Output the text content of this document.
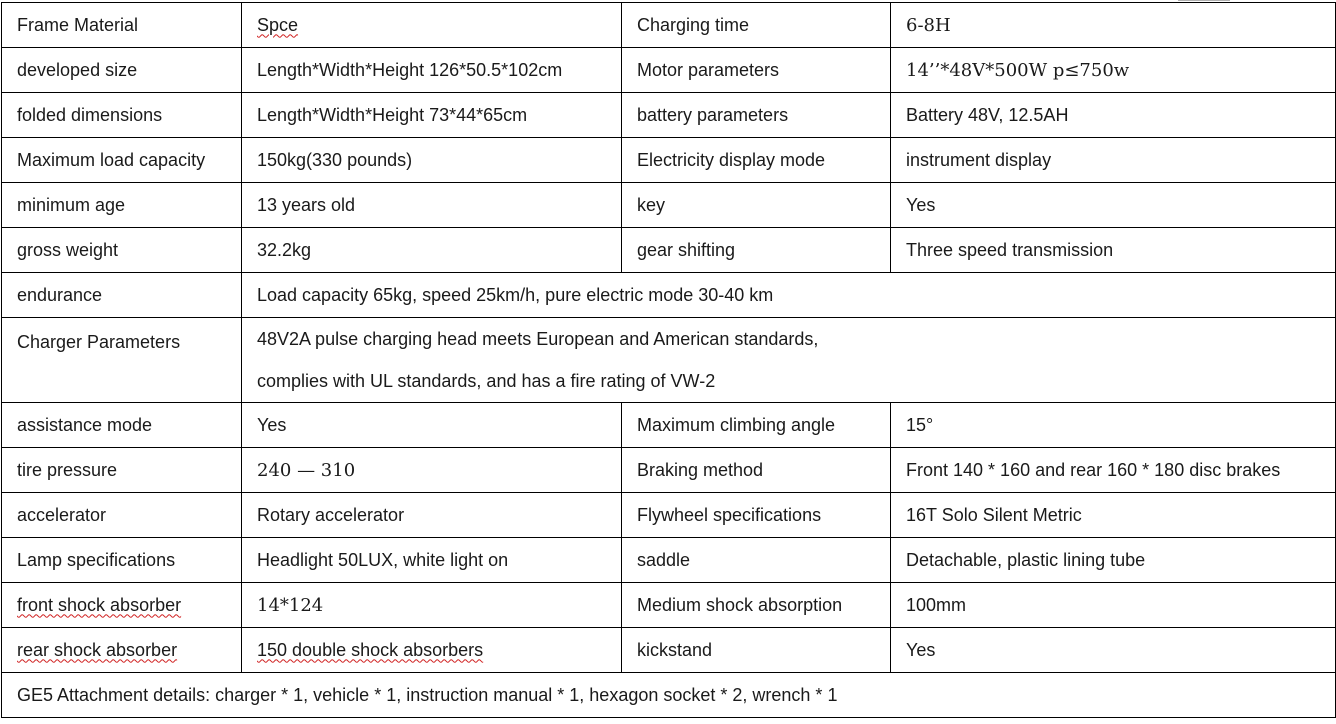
Frame Material	Spce	Charging time	6-8H
developed size	Length*Width*Height 126*50.5*102cm	Motor parameters	14’’*48V*500W p≤750w
folded dimensions	Length*Width*Height 73*44*65cm	battery parameters	Battery 48V, 12.5AH
Maximum load capacity	150kg(330 pounds)	Electricity display mode	instrument display
minimum age	13 years old	key	Yes
gross weight	32.2kg	gear shifting	Three speed transmission
endurance	Load capacity 65kg, speed 25km/h, pure electric mode 30-40 km		

Charger Parameters	48V2A pulse charging head meets European and American standards,
complies with UL standards, and has a fire rating of VW-2		

assistance mode	Yes	Maximum climbing angle	15°
tire pressure	240 — 310	Braking method	Front 140 * 160 and rear 160 * 180 disc brakes
accelerator	Rotary accelerator	Flywheel specifications	16T Solo Silent Metric
Lamp specifications	Headlight 50LUX, white light on	saddle	Detachable, plastic lining tube
front shock absorber	14*124	Medium shock absorption	100mm
rear shock absorber	150 double shock absorbers	kickstand	Yes
GE5 Attachment details: charger * 1, vehicle * 1, instruction manual * 1, hexagon socket * 2, wrench * 1			
